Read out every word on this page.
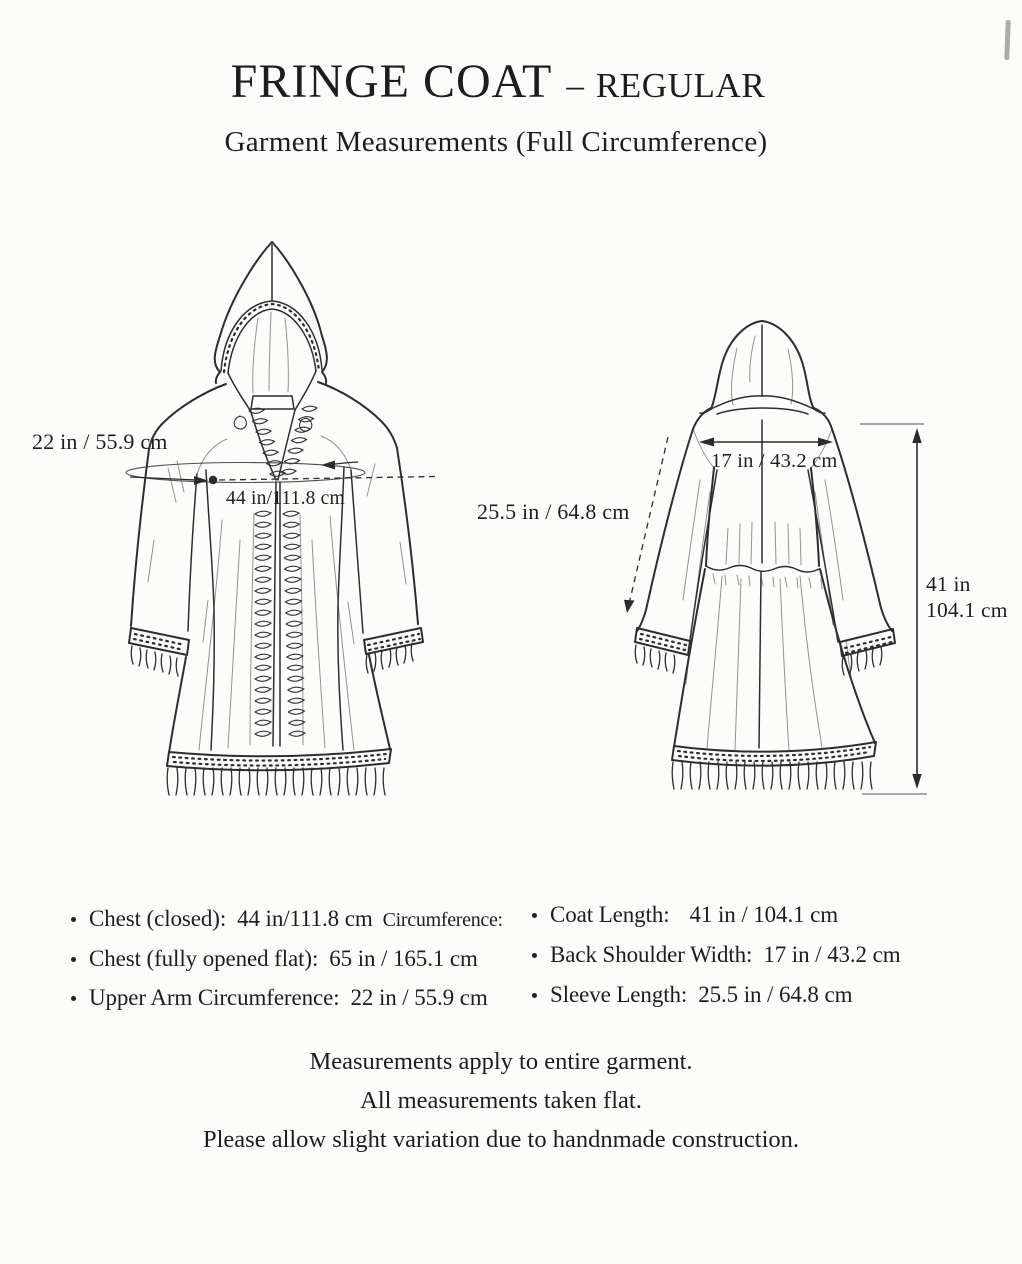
FRINGE COAT – REGULAR
Garment Measurements (Full Circumference)
22 in / 55.9 cm
44 in/111.8 cm
25.5 in / 64.8 cm
17 in / 43.2 cm
41 in
104.1 cm
Chest (closed): 44 in/111.8 cm Circumference:
Chest (fully opened flat): 65 in / 165.1 cm
Upper Arm Circumference: 22 in / 55.9 cm
Coat Length: 41 in / 104.1 cm
Back Shoulder Width: 17 in / 43.2 cm
Sleeve Length: 25.5 in / 64.8 cm
Measurements apply to entire garment.
All measurements taken flat.
Please allow slight variation due to handnmade construction.
